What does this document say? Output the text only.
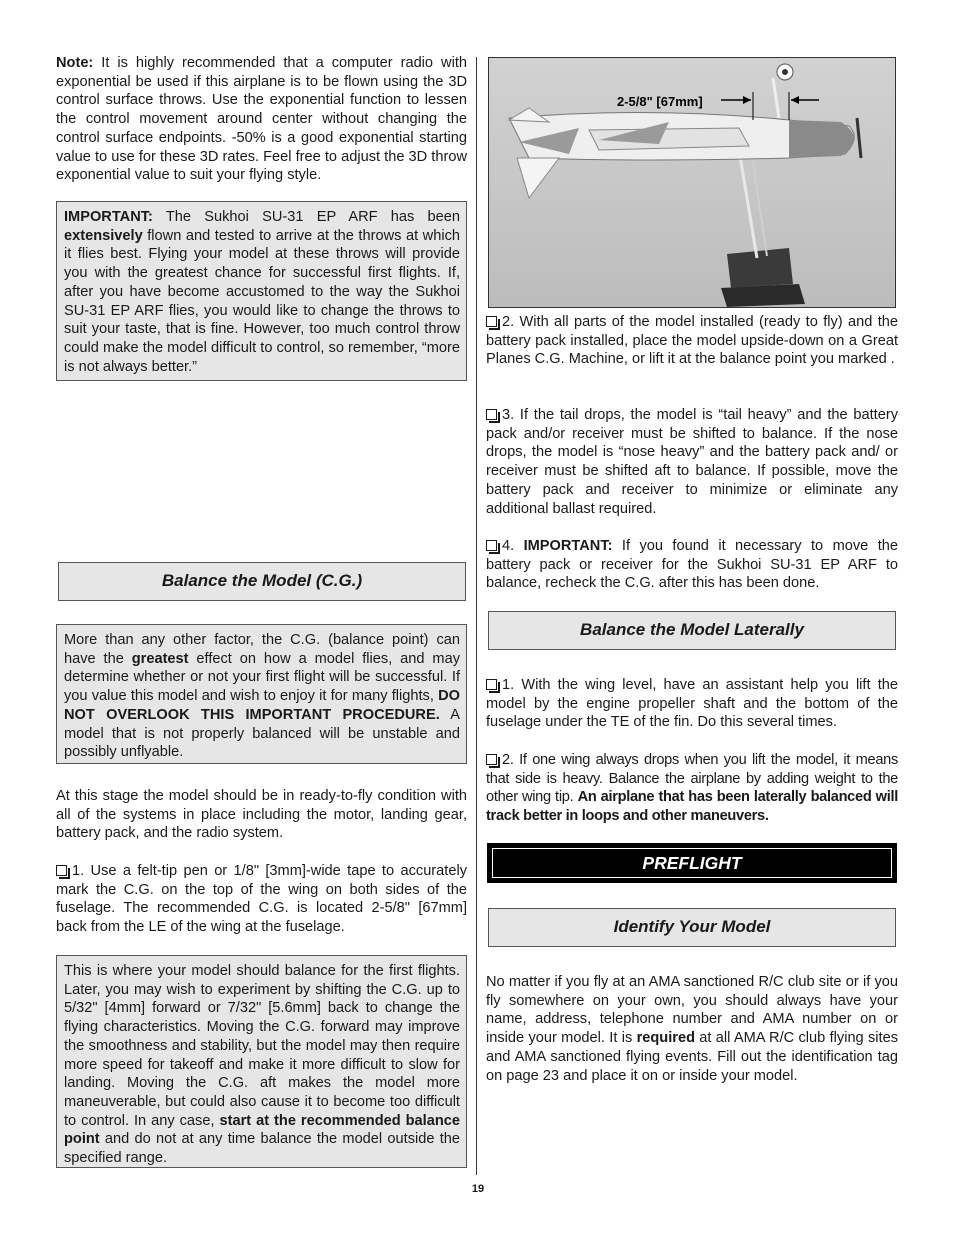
Note: It is highly recommended that a computer radio with exponential be used if this airplane is to be flown using the 3D control surface throws. Use the exponential function to lessen the control movement around center without changing the control surface endpoints. -50% is a good exponential starting value to use for these 3D rates. Feel free to adjust the 3D throw exponential value to suit your flying style.

IMPORTANT: The Sukhoi SU-31 EP ARF has been extensively flown and tested to arrive at the throws at which it flies best. Flying your model at these throws will provide you with the greatest chance for successful first flights. If, after you have become accustomed to the way the Sukhoi SU-31 EP ARF flies, you would like to change the throws to suit your taste, that is fine. However, too much control throw could make the model difficult to control, so remember, “more is not always better.”
Balance the Model (C.G.)
More than any other factor, the C.G. (balance point) can have the greatest effect on how a model flies, and may determine whether or not your first flight will be successful. If you value this model and wish to enjoy it for many flights, DO NOT OVERLOOK THIS IMPORTANT PROCEDURE. A model that is not properly balanced will be unstable and possibly unflyable.

At this stage the model should be in ready-to-fly condition with all of the systems in place including the motor, landing gear, battery pack, and the radio system.

1. Use a felt-tip pen or 1/8" [3mm]-wide tape to accurately mark the C.G. on the top of the wing on both sides of the fuselage. The recommended C.G. is located 2-5/8" [67mm] back from the LE of the wing at the fuselage.

This is where your model should balance for the first flights. Later, you may wish to experiment by shifting the C.G. up to 5/32" [4mm] forward or 7/32" [5.6mm] back to change the flying characteristics. Moving the C.G. forward may improve the smoothness and stability, but the model may then require more speed for takeoff and make it more difficult to slow for landing. Moving the C.G. aft makes the model more maneuverable, but could also cause it to become too difficult to control. In any case, start at the recommended balance point and do not at any time balance the model outside the specified range.
2-5/8" [67mm]

2. With all parts of the model installed (ready to fly) and the battery pack installed, place the model upside-down on a Great Planes C.G. Machine, or lift it at the balance point you marked .

3. If the tail drops, the model is “tail heavy” and the battery pack and/or receiver must be shifted to balance. If the nose drops, the model is “nose heavy” and the battery pack and/ or receiver must be shifted aft to balance. If possible, move the battery pack and receiver to minimize or eliminate any additional ballast required.

4. IMPORTANT: If you found it necessary to move the battery pack or receiver for the Sukhoi SU-31 EP ARF to balance, recheck the C.G. after this has been done.

Balance the Model Laterally

1. With the wing level, have an assistant help you lift the model by the engine propeller shaft and the bottom of the fuselage under the TE of the fin. Do this several times.

2. If one wing always drops when you lift the model, it means that side is heavy. Balance the airplane by adding weight to the other wing tip. An airplane that has been laterally balanced will track better in loops and other maneuvers.

PREFLIGHT
Identify Your Model

No matter if you fly at an AMA sanctioned R/C club site or if you fly somewhere on your own, you should always have your name, address, telephone number and AMA number on or inside your model. It is required at all AMA R/C club flying sites and AMA sanctioned flying events. Fill out the identification tag on page 23 and place it on or inside your model.

19
